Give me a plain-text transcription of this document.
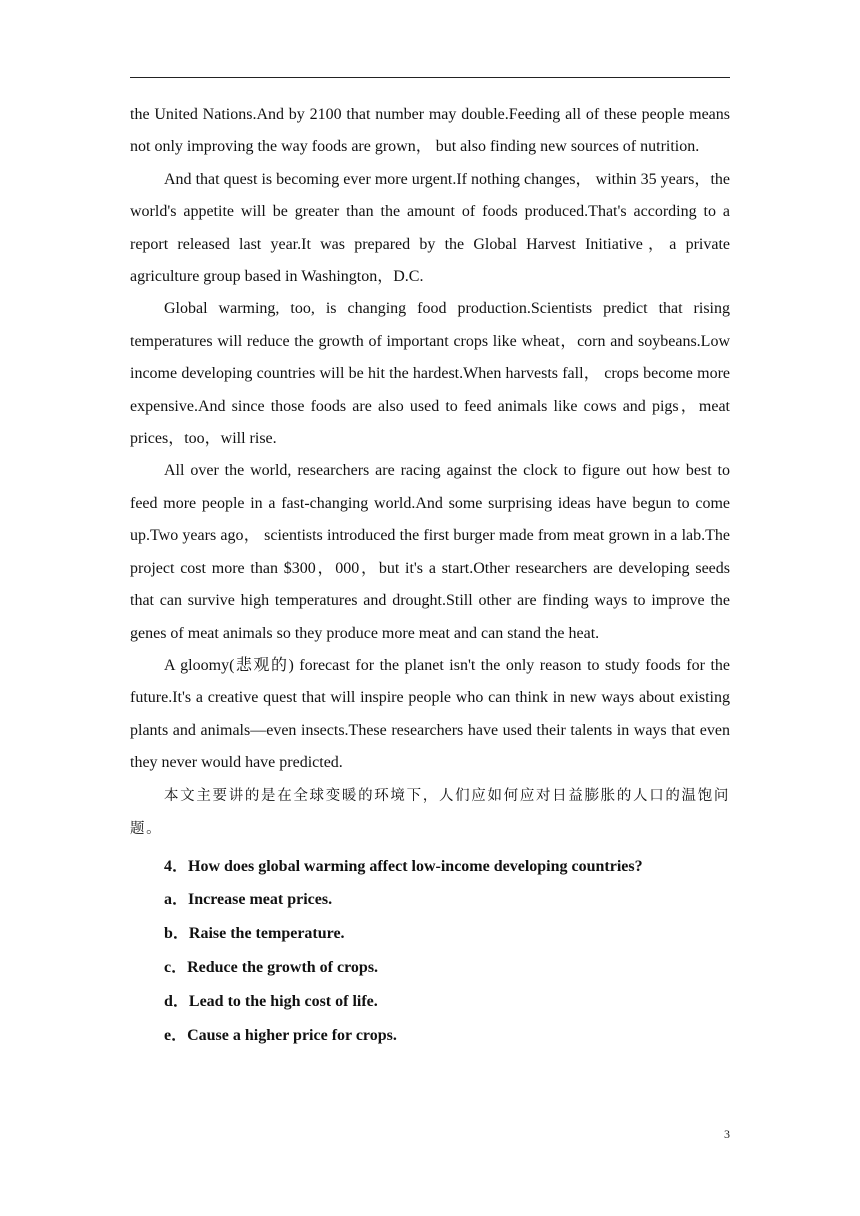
the United Nations.And by 2100 that number may double.Feeding all of these people means not only improving the way foods are grown， but also finding new sources of nutrition.

And that quest is becoming ever more urgent.If nothing changes， within 35 years，the world's appetite will be greater than the amount of foods produced.That's according to a report released last year.It was prepared by the Global Harvest Initiative，a private agriculture group based in Washington，D.C.

Global warming, too, is changing food production.Scientists predict that rising temperatures will reduce the growth of important crops like wheat，corn and soybeans.Low income developing countries will be hit the hardest.When harvests fall， crops become more expensive.And since those foods are also used to feed animals like cows and pigs，meat prices，too，will rise.

All over the world, researchers are racing against the clock to figure out how best to feed more people in a fast‑changing world.And some surprising ideas have begun to come up.Two years ago， scientists introduced the first burger made from meat grown in a lab.The project cost more than $300，000，but it's a start.Other researchers are developing seeds that can survive high temperatures and drought.Still other are finding ways to improve the genes of meat animals so they produce more meat and can stand the heat.

A gloomy(悲观的) forecast for the planet isn't the only reason to study foods for the future.It's a creative quest that will inspire people who can think in new ways about existing plants and animals—even insects.These researchers have used their talents in ways that even they never would have predicted.

本文主要讲的是在全球变暖的环境下，人们应如何应对日益膨胀的人口的温饱问题。

4．How does global warming affect low-income developing countries?

a．Increase meat prices.
b．Raise the temperature.
c．Reduce the growth of crops.
d．Lead to the high cost of life.
e．Cause a higher price for crops.
3
